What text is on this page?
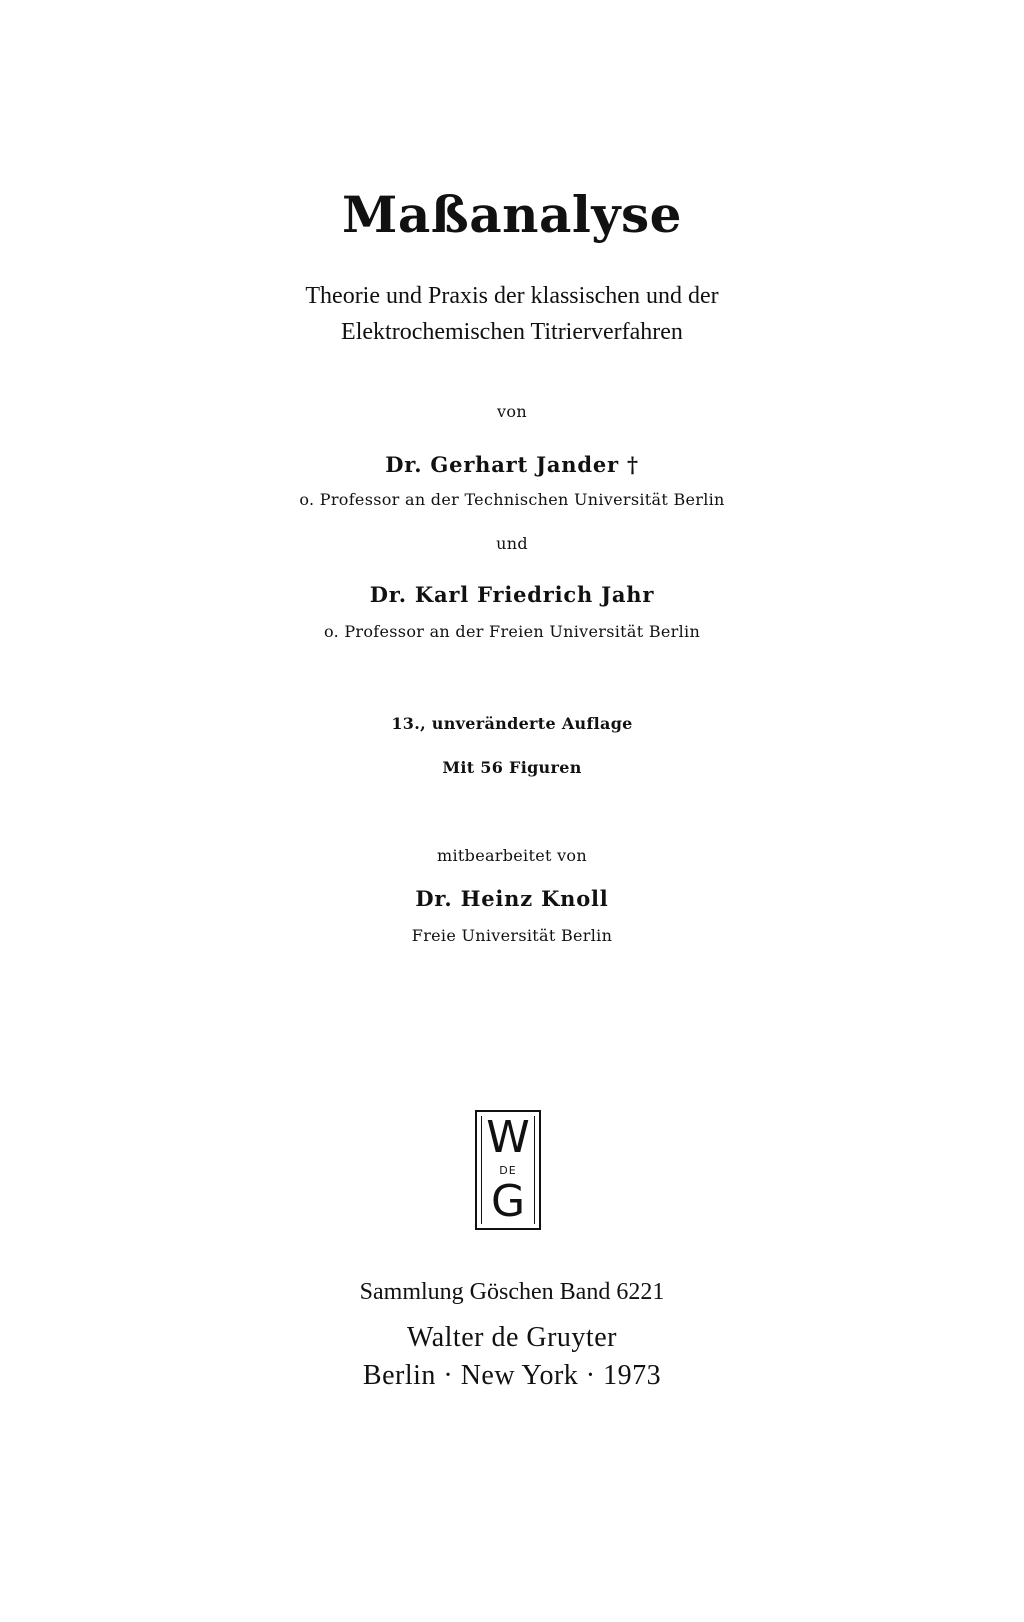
Maßanalyse
Theorie und Praxis der klassischen und der
Elektrochemischen Titrierverfahren
von
Dr. Gerhart Jander †
o. Professor an der Technischen Universität Berlin
und
Dr. Karl Friedrich Jahr
o. Professor an der Freien Universität Berlin
13., unveränderte Auflage
Mit 56 Figuren
mitbearbeitet von
Dr. Heinz Knoll
Freie Universität Berlin
W
DE
G
Sammlung Göschen Band 6221
Walter de Gruyter
Berlin · New York · 1973
